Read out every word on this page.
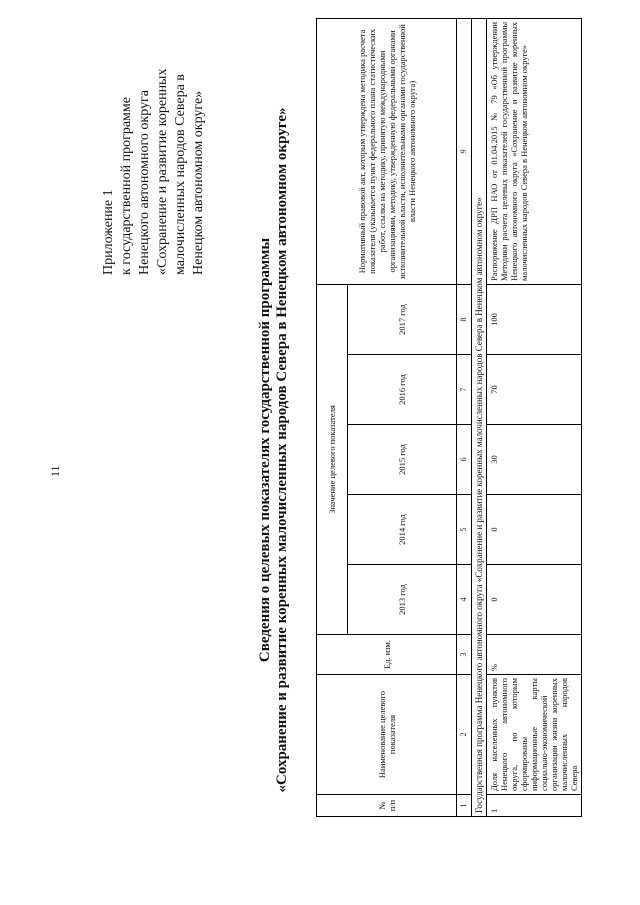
11
Приложение 1 к государственной программе Ненецкого автономного округа «Сохранение и развитие коренных малочисленных народов Севера в Ненецком автономном округе»
Сведения о целевых показателях государственной программы «Сохранение и развитие коренных малочисленных народов Севера в Ненецком автономном округе»
№ п/п	Наименование целевого показателя	Ед. изм.	Значение целевого показателя					Нормативный правовой акт, которым утверждена методика расчета показателя (указывается пункт федерального плана статистических работ, ссылка на методику, принятую международными организациями, методику, утвержденную федеральными органами исполнительной власти, исполнительными органами государственной власти Ненецкого автономного округа)
			2013 год	2014 год	2015 год	2016 год	2017 год	
1	2	3	4	5	6	7	8	9
Государственная программа Ненецкого автономного округа «Сохранение и развитие коренных малочисленных народов Севера в Ненецком автономном округе»								
1	Доля населенных пунктов Ненецкого автономного округа, по которым сформированы информационные карты социально-экономической организации жизни коренных малочисленных народов Севера	%	0	0	30	70	100	Распоряжение ДРП НАО от 01.04.2015 № 79 «Об утверждении Методики расчета целевых показателей государственной программы Ненецкого автономного округа «Сохранение и развитие коренных малочисленных народов Севера в Ненецком автономном округе»
